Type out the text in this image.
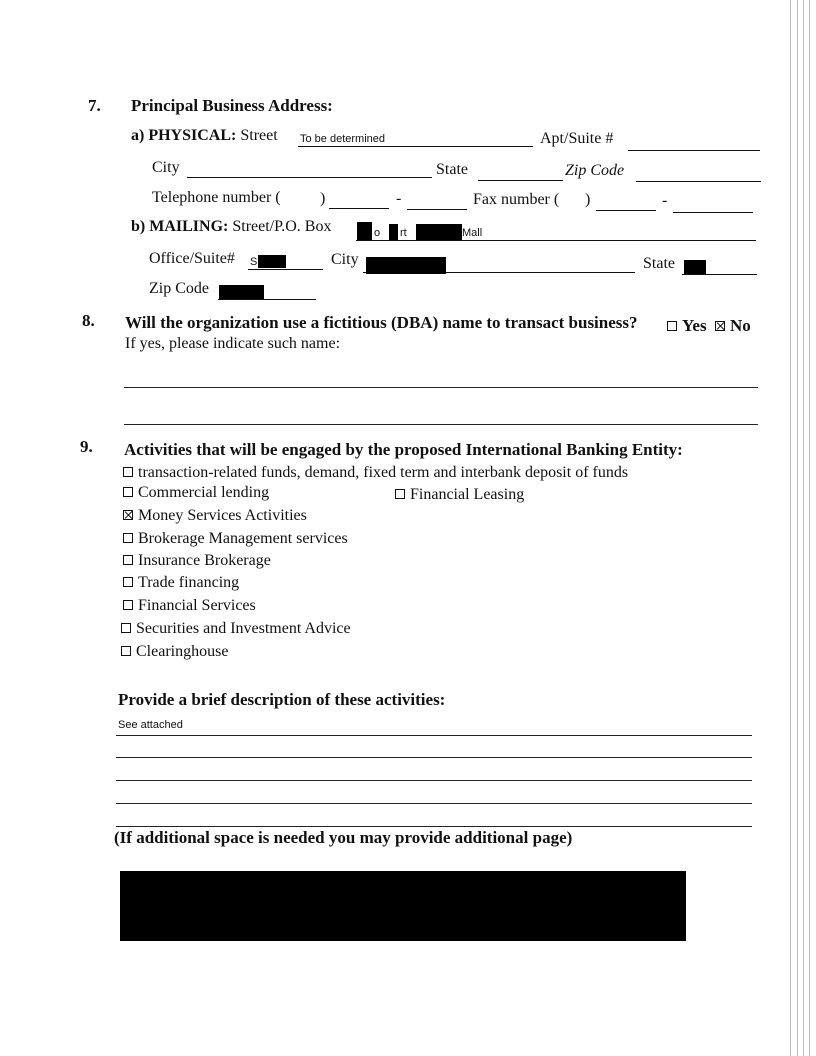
7. Principal Business Address:
a) PHYSICAL: Street To be determined	Apt/Suite #
City	State	Zip Code
Telephone number ( )	-	Fax number ( )	-
b) MAILING: Street/P.O. Box	o rt	Mall
Office/Suite# S	City	State
Zip Code
8. Will the organization use a fictitious (DBA) name to transact business?	Yes	No
If yes, please indicate such name:
9. Activities that will be engaged by the proposed International Banking Entity:
transaction-related funds, demand, fixed term and interbank deposit of funds
Commercial lending	Financial Leasing
Money Services Activities
Brokerage Management services
Insurance Brokerage
Trade financing
Financial Services
Securities and Investment Advice
Clearinghouse
Provide a brief description of these activities:
See attached
(If additional space is needed you may provide additional page)
